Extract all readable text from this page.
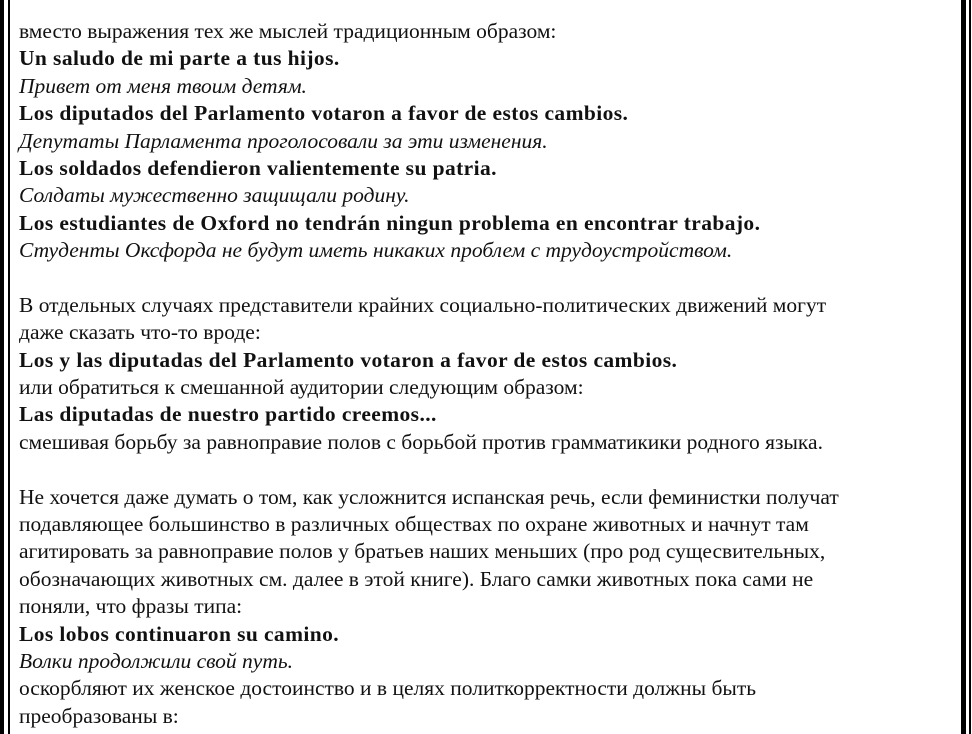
вместо выражения тех же мыслей традиционным образом:
Un saludo de mi parte a tus hijos.
Привет от меня твоим детям.
Los diputados del Parlamento votaron a favor de estos cambios.
Депутаты Парламента проголосовали за эти изменения.
Los soldados defendieron valientemente su patria.
Солдаты мужественно защищали родину.
Los estudiantes de Oxford no tendrán ningun problema en encontrar trabajo.
Студенты Оксфорда не будут иметь никаких проблем с трудоустройством.
В отдельных случаях представители крайних социально-политических движений могут
даже сказать что-то вроде:
Los y las diputadas del Parlamento votaron a favor de estos cambios.
или обратиться к смешанной аудитории следующим образом:
Las diputadas de nuestro partido creemos...
смешивая борьбу за равноправие полов с борьбой против грамматикики родного языка.
Не хочется даже думать о том, как усложнится испанская речь, если феминистки получат
подавляющее большинство в различных обществах по охране животных и начнут там
агитировать за равноправие полов у братьев наших меньших (про род сущесвительных,
обозначающих животных см. далее в этой книге). Благо самки животных пока сами не
поняли, что фразы типа:
Los lobos continuaron su camino.
Волки продолжили свой путь.
оскорбляют их женское достоинство и в целях политкорректности должны быть
преобразованы в:
